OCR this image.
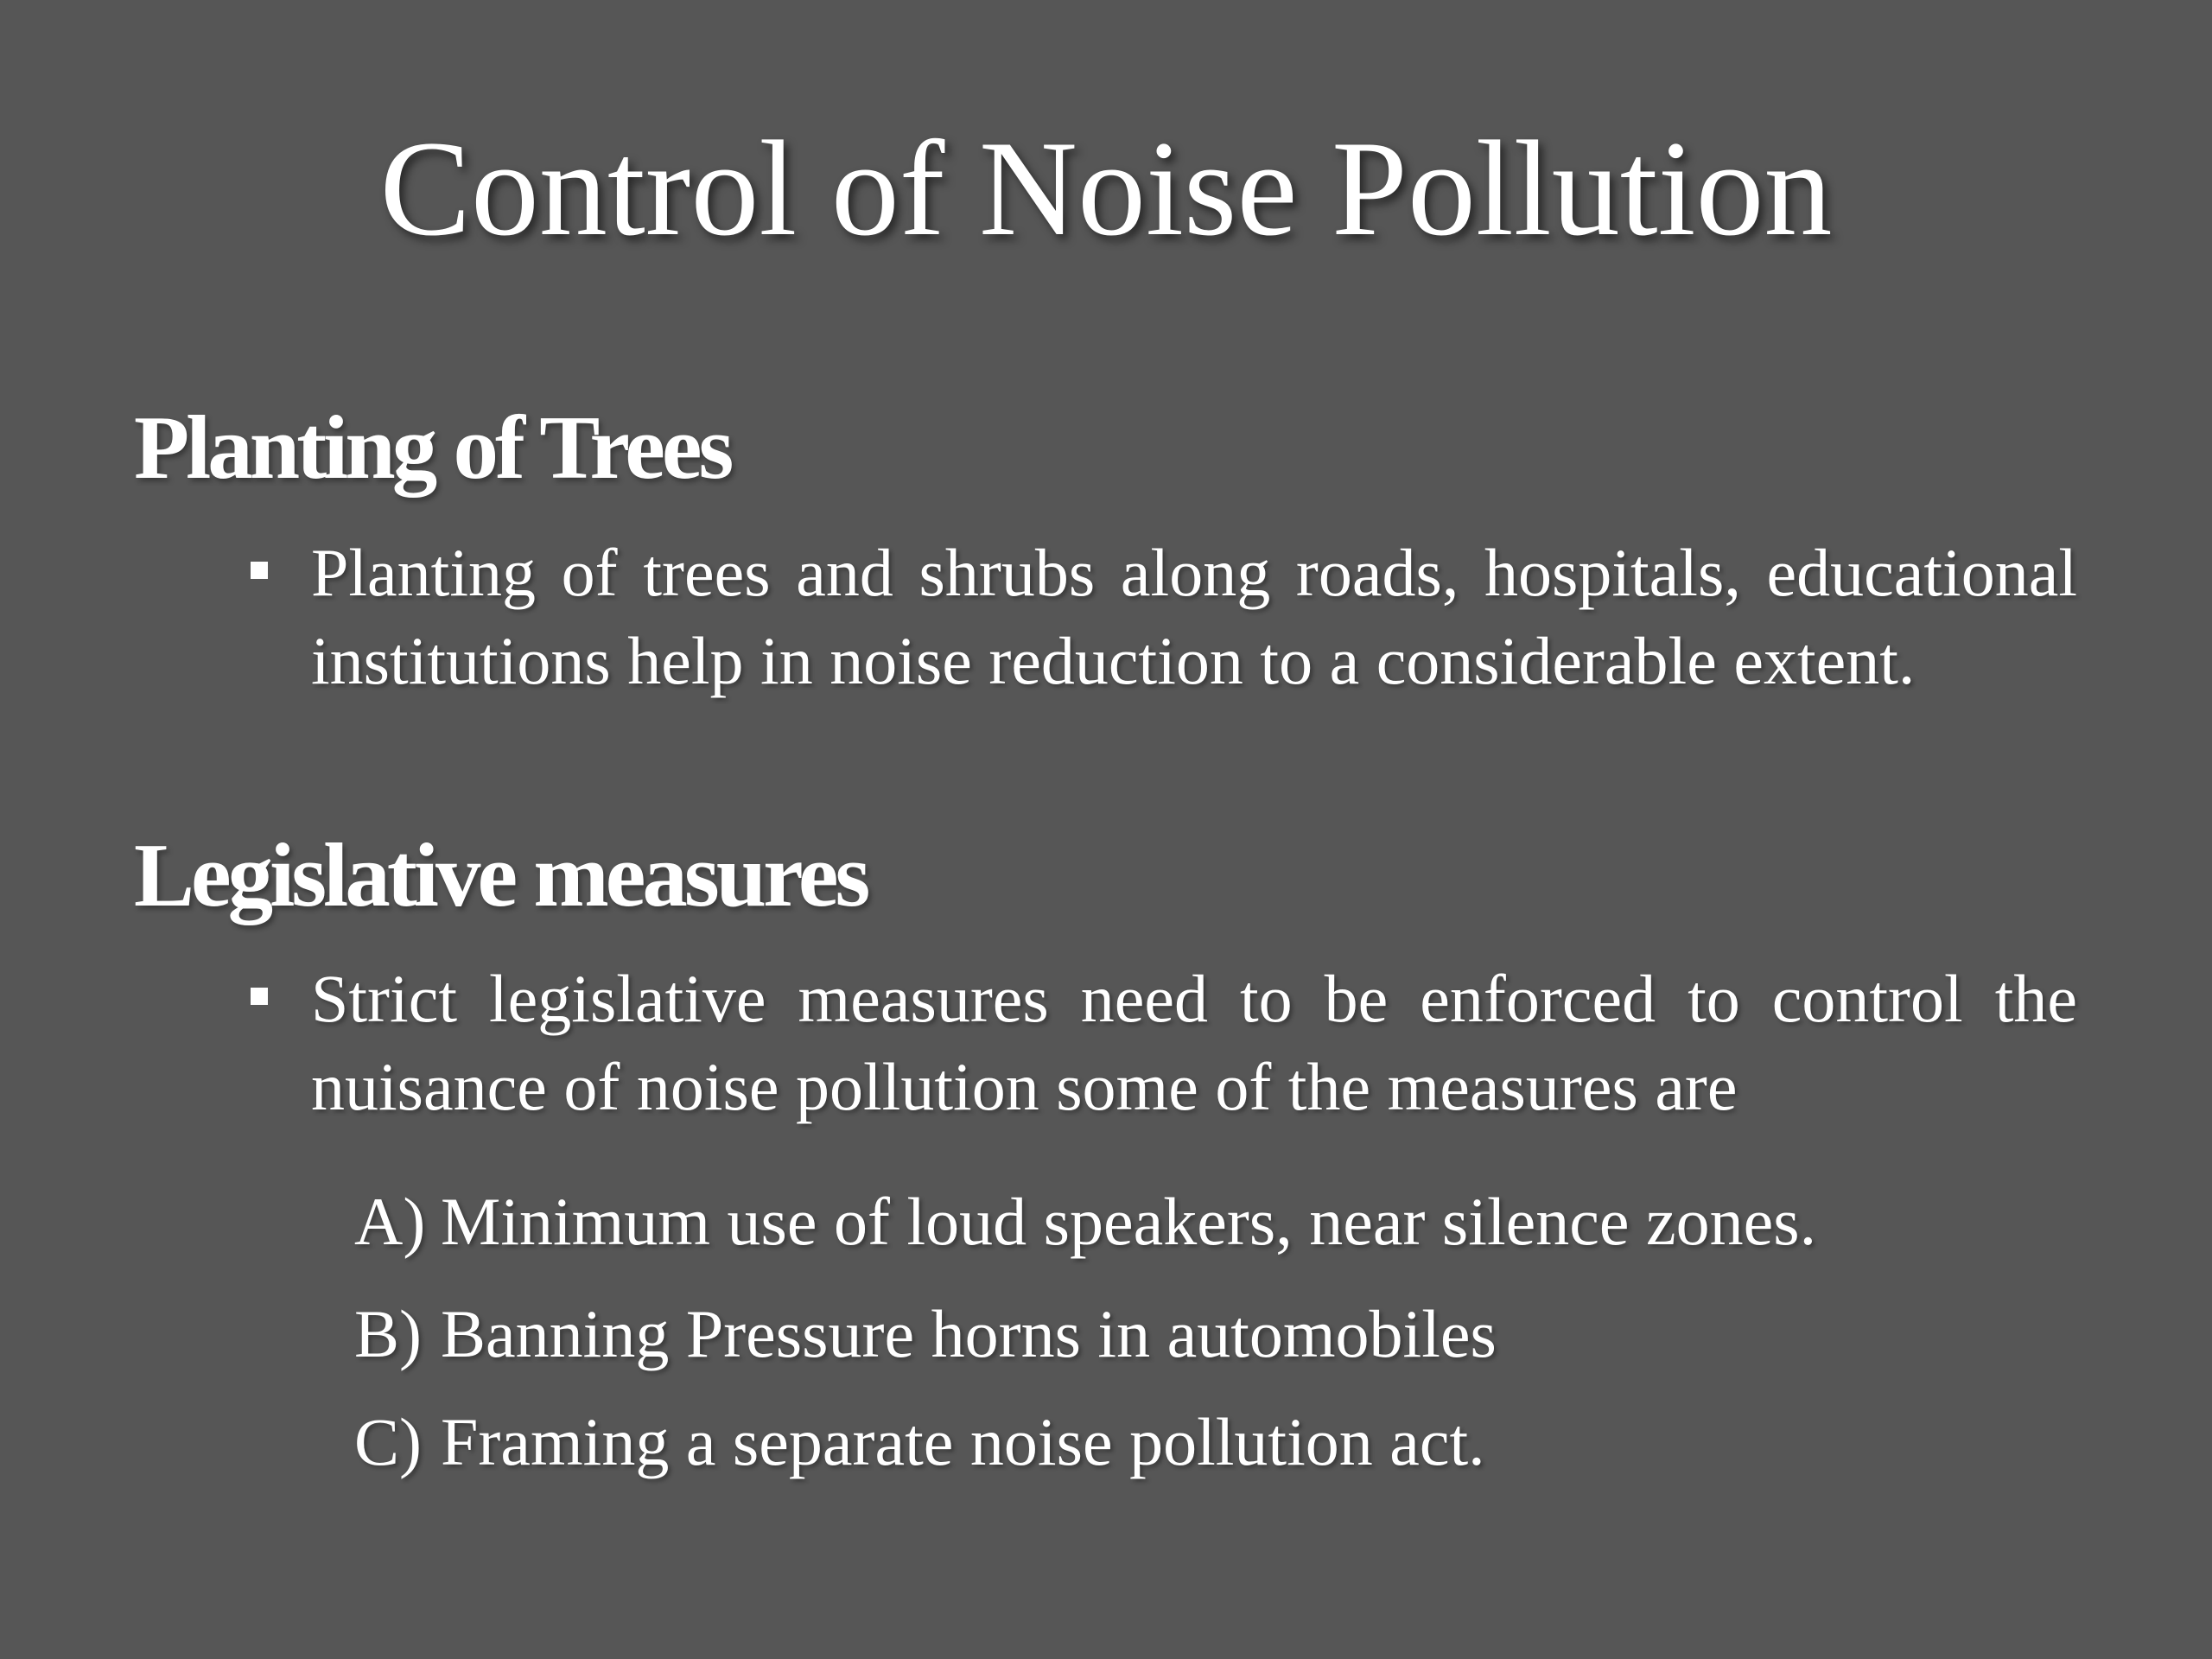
Control of Noise Pollution
Planting of Trees
Planting of trees and shrubs along roads, hospitals, educational institutions help in noise reduction to a considerable extent.
Legislative measures
Strict legislative measures need to be enforced to control the nuisance of noise pollution some of the measures are
A) Minimum use of loud speakers, near silence zones.
B) Banning Pressure horns in automobiles
C) Framing a separate noise pollution act.
